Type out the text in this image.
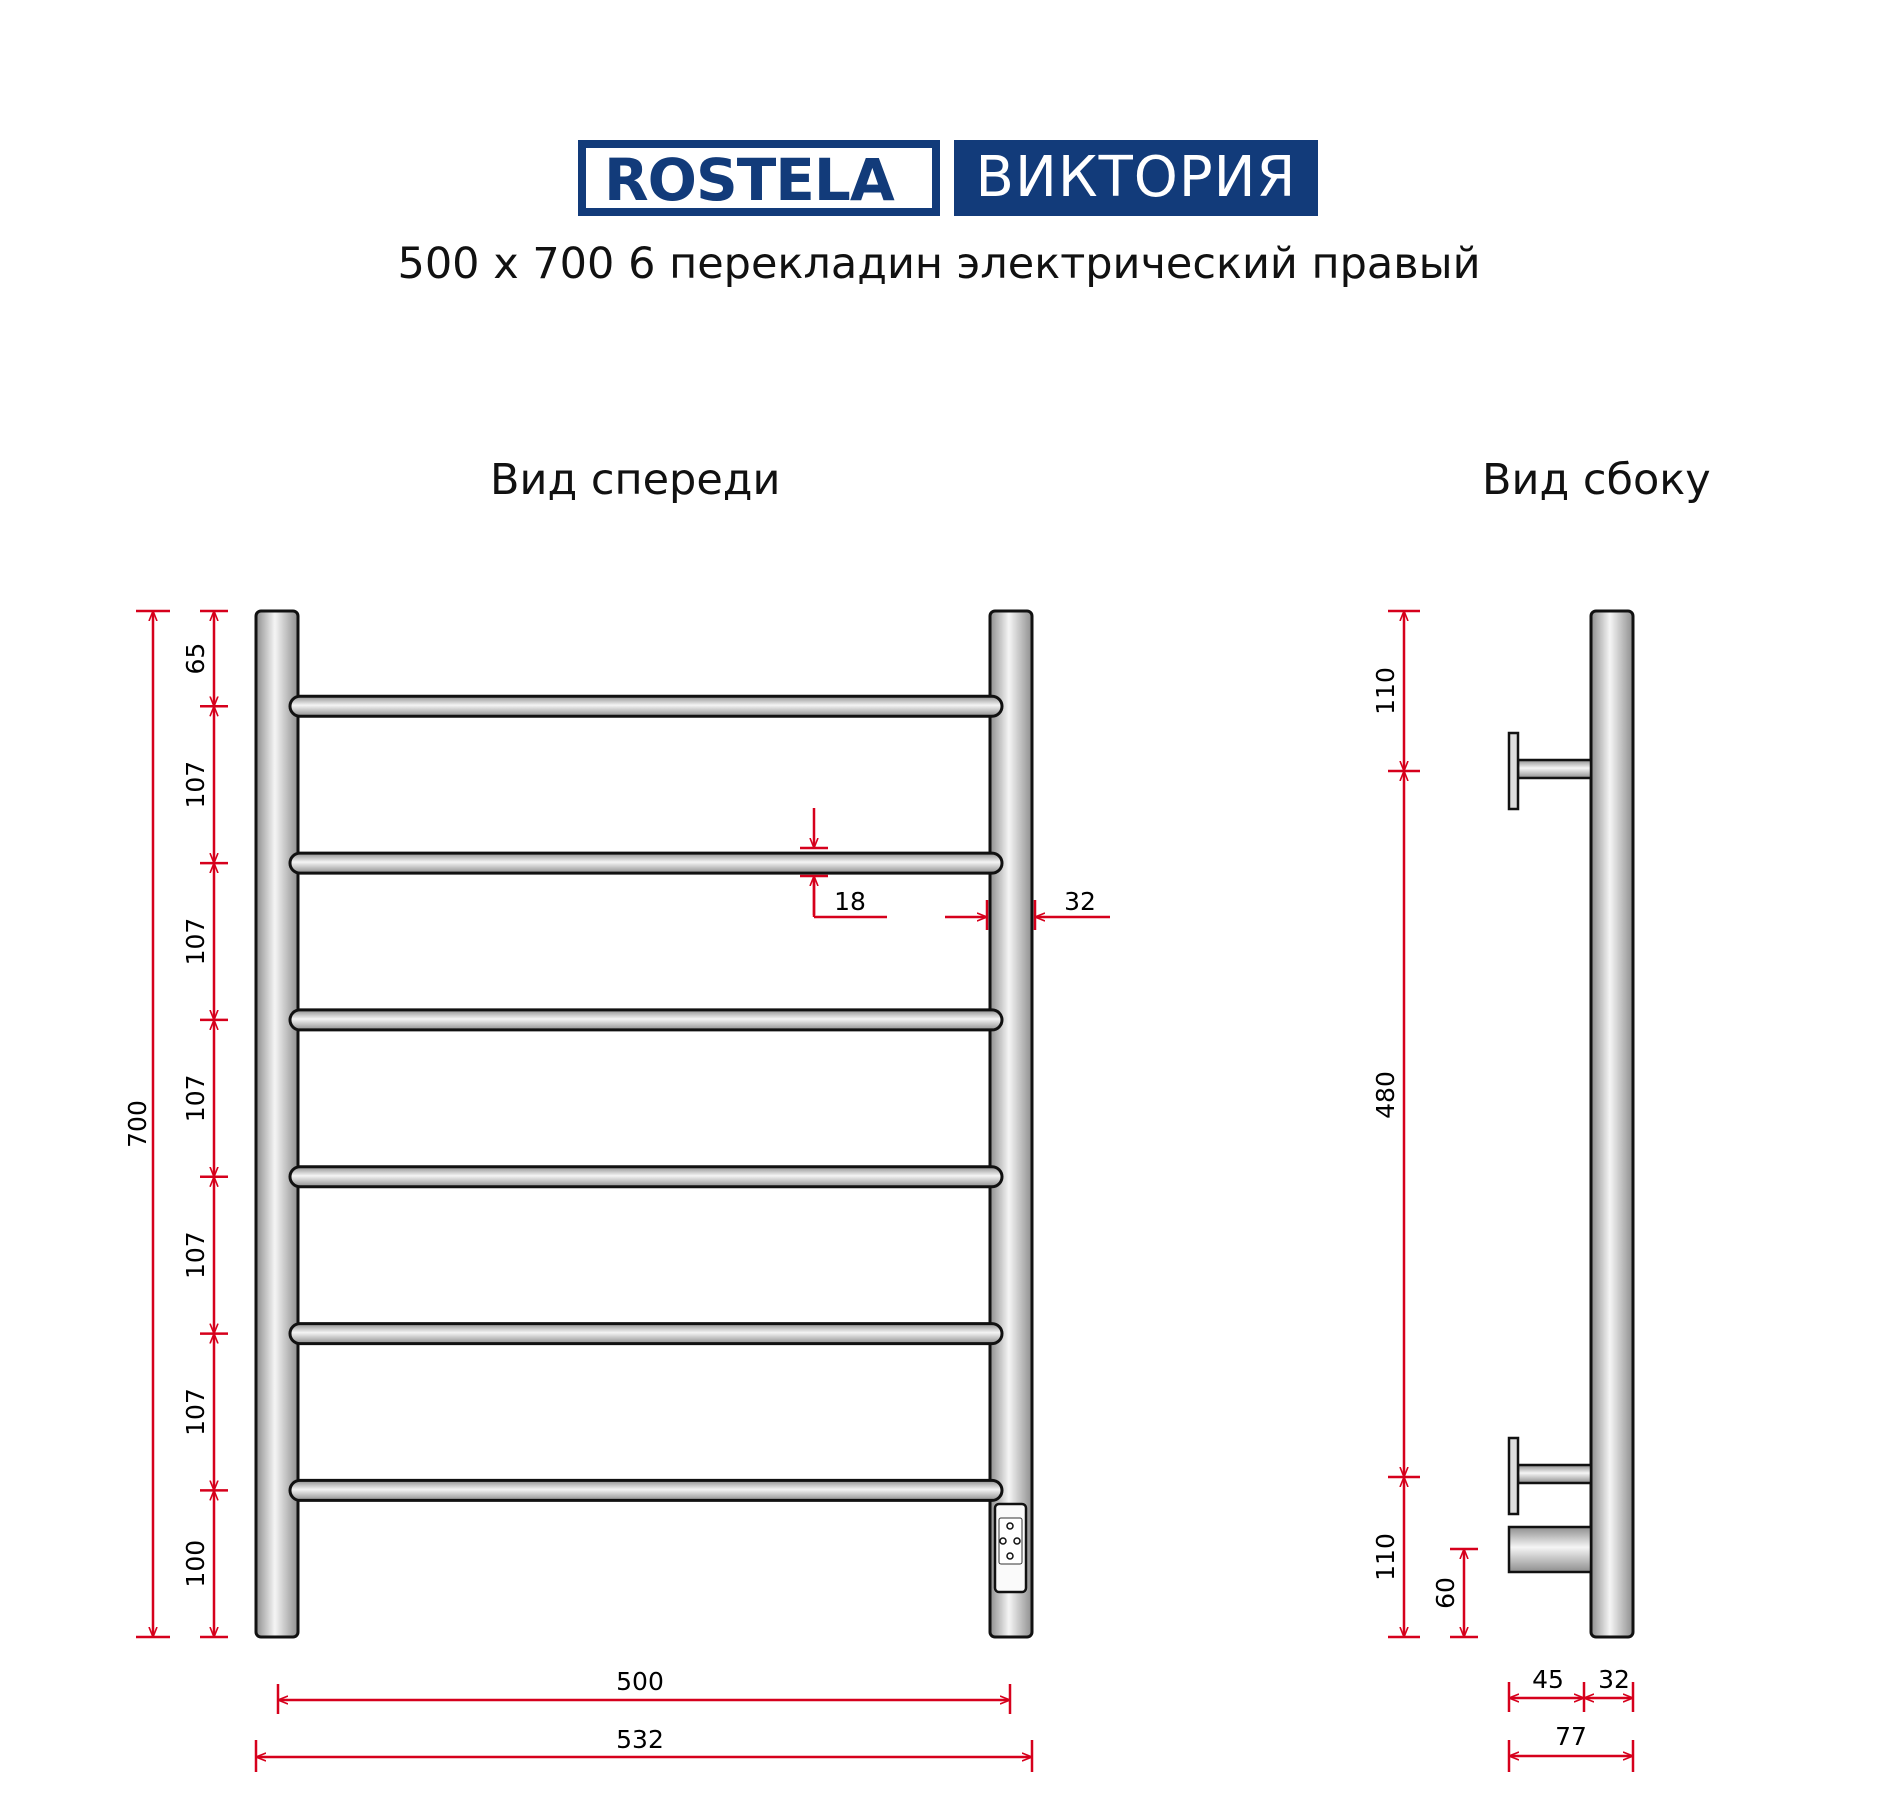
ROSTELA	ВИКТОРИЯ
500 x 700 6 перекладин электрический правый
Вид спереди	Вид сбоку
700
65
107
107
107
107
107
100
18	32
500
532
110
480
110
60
45 32
77
